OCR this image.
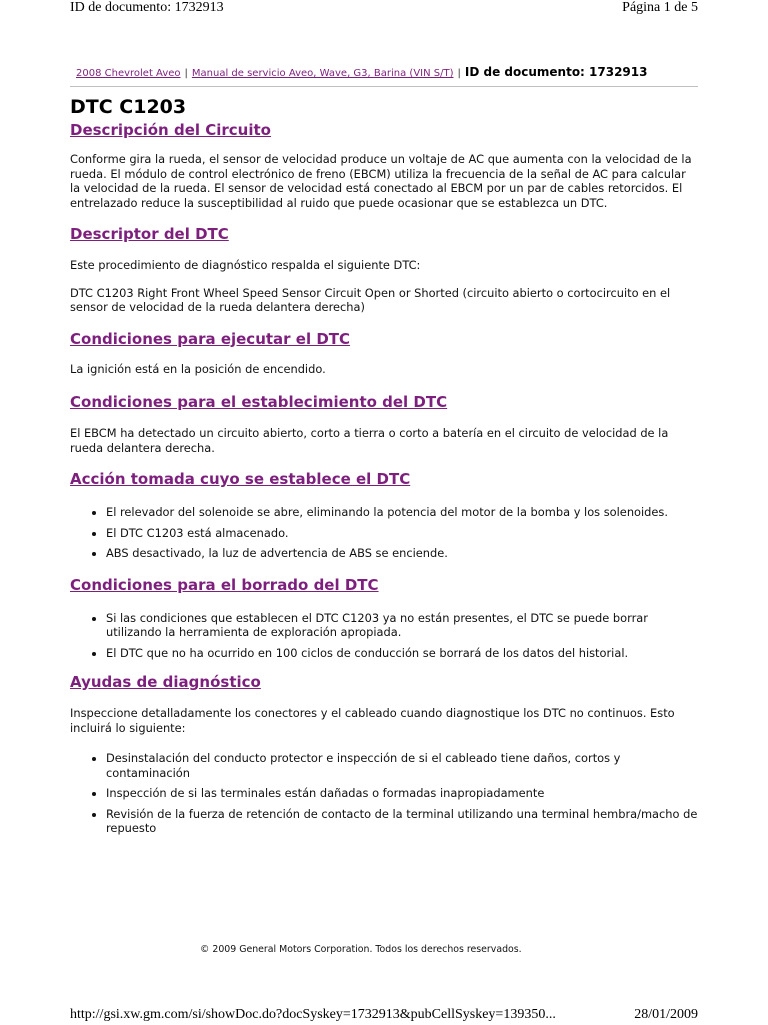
ID de documento: 1732913	Página 1 de 5
2008 Chevrolet Aveo | Manual de servicio Aveo, Wave, G3, Barina (VIN S/T) | ID de documento: 1732913
DTC C1203
Descripción del Circuito

Conforme gira la rueda, el sensor de velocidad produce un voltaje de AC que aumenta con la velocidad de la rueda. El módulo de control electrónico de freno (EBCM) utiliza la frecuencia de la señal de AC para calcular la velocidad de la rueda. El sensor de velocidad está conectado al EBCM por un par de cables retorcidos. El entrelazado reduce la susceptibilidad al ruido que puede ocasionar que se establezca un DTC.

Descriptor del DTC

Este procedimiento de diagnóstico respalda el siguiente DTC:

DTC C1203 Right Front Wheel Speed Sensor Circuit Open or Shorted (circuito abierto o cortocircuito en el sensor de velocidad de la rueda delantera derecha)

Condiciones para ejecutar el DTC

La ignición está en la posición de encendido.

Condiciones para el establecimiento del DTC

El EBCM ha detectado un circuito abierto, corto a tierra o corto a batería en el circuito de velocidad de la rueda delantera derecha.

Acción tomada cuyo se establece el DTC
• El relevador del solenoide se abre, eliminando la potencia del motor de la bomba y los solenoides.
• El DTC C1203 está almacenado.
• ABS desactivado, la luz de advertencia de ABS se enciende.
Condiciones para el borrado del DTC
• Si las condiciones que establecen el DTC C1203 ya no están presentes, el DTC se puede borrar utilizando la herramienta de exploración apropiada.
• El DTC que no ha ocurrido en 100 ciclos de conducción se borrará de los datos del historial.
Ayudas de diagnóstico

Inspeccione detalladamente los conectores y el cableado cuando diagnostique los DTC no continuos. Esto incluirá lo siguiente:

• Desinstalación del conducto protector e inspección de si el cableado tiene daños, cortos y contaminación
• Inspección de si las terminales están dañadas o formadas inapropiadamente
• Revisión de la fuerza de retención de contacto de la terminal utilizando una terminal hembra/macho de repuesto
© 2009 General Motors Corporation. Todos los derechos reservados.
http://gsi.xw.gm.com/si/showDoc.do?docSyskey=1732913&pubCellSyskey=139350...	28/01/2009
